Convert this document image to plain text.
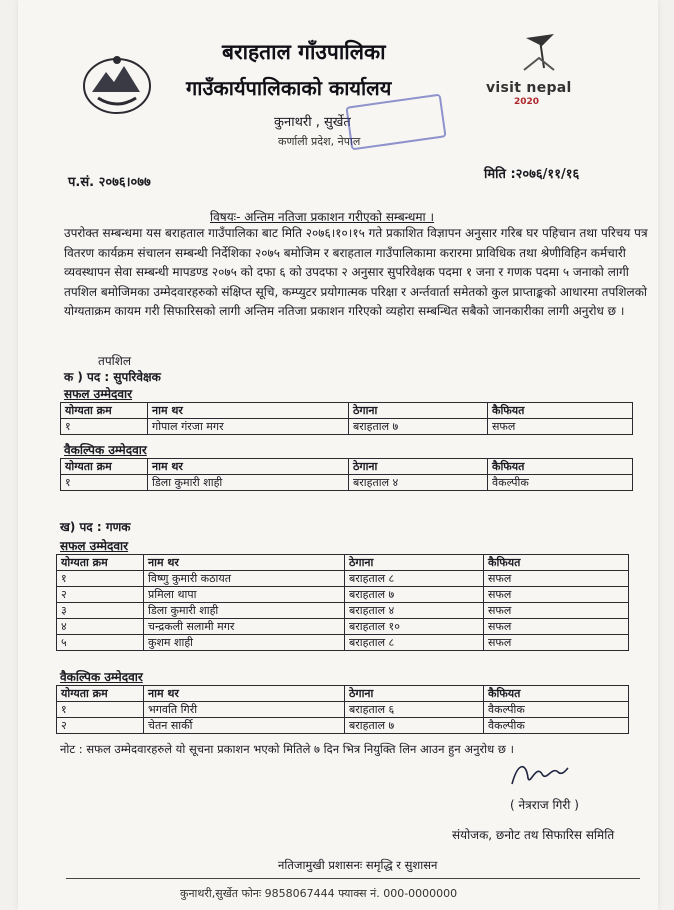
visit nepal
2020
बराहताल गाँउपालिका
गाउँकार्यपालिकाको कार्यालय
कुनाथरी , सुर्खेत
कर्णाली प्रदेश, नेपाल
प.सं. २०७६।०७७
मिति :२०७६/११/१६
विषयः- अन्तिम नतिजा प्रकाशन गरीएको सम्बन्धमा ।
उपरोक्त सम्बन्धमा यस बराहताल गाउँपालिका बाट मिति २०७६।१०।१५ गते प्रकाशित विज्ञापन अनुसार गरिब घर पहिचान तथा परिचय पत्र वितरण कार्यक्रम संचालन सम्बन्धी निर्देशिका २०७५ बमोजिम र बराहताल गाउँपालिकामा करारमा प्राविधिक तथा श्रेणीविहिन कर्मचारी व्यवस्थापन सेवा सम्बन्धी मापडण्ड २०७५ को दफा ६ को उपदफा २ अनुसार सुपरिवेक्षक पदमा १ जना र गणक पदमा ५ जनाको लागी तपशिल बमोजिमका उम्मेदवारहरुको संक्षिप्त सूचि, कम्प्युटर प्रयोगात्मक परिक्षा र अर्न्तवार्ता समेतको कुल प्राप्ताङ्कको आधारमा तपशिलको योग्यताक्रम कायम गरी सिफारिसको लागी अन्तिम नतिजा प्रकाशन गरिएको व्यहोरा सम्बन्धित सबैको जानकारीका लागी अनुरोध छ ।
तपशिल
क ) पद : सुपरिवेक्षक
सफल उम्मेदवार
योग्यता क्रम	नाम थर	ठेगाना	कैफियत
१	गोपाल गंरजा मगर	बराहताल ७	सफल
वैकल्पिक उम्मेदवार
योग्यता क्रम	नाम थर	ठेगाना	कैफियत
१	डिला कुमारी शाही	बराहताल ४	वैकल्पीक
ख) पद : गणक
सफल उम्मेदवार
योग्यता क्रम	नाम थर	ठेगाना	कैफियत
१	विष्णु कुमारी कठायत	बराहताल ८	सफल
२	प्रमिला थापा	बराहताल ७	सफल
३	डिला कुमारी शाही	बराहताल ४	सफल
४	चन्द्रकली सलामी मगर	बराहताल १०	सफल
५	कुशम शाही	बराहताल ८	सफल
वैकल्पिक उम्मेदवार
योग्यता क्रम	नाम थर	ठेगाना	कैफियत
१	भगवति गिरी	बराहताल ६	वैकल्पीक
२	चेतन सार्की	बराहताल ७	वैकल्पीक
नोट : सफल उम्मेदवारहरुले यो सूचना प्रकाशन भएको मितिले ७ दिन भित्र नियुक्ति लिन आउन हुन अनुरोध छ ।
( नेत्रराज गिरी )
संयोजक, छनोट तथ सिफारिस समिति
नतिजामुखी प्रशासनः समृद्धि र सुशासन
कुनाथरी,सुर्खेत फोनः 9858067444 फ्याक्स नं. 000-0000000
